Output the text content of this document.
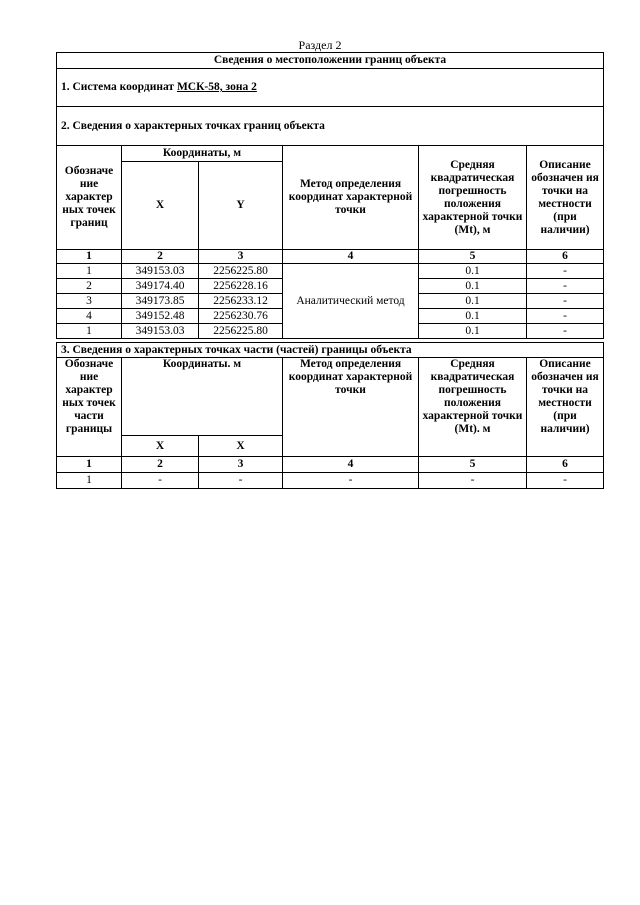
Раздел 2
Сведения о местоположении границ объекта					
1. Система координат МСК-58, зона 2					
2. Сведения о характерных точках границ объекта					
Обозначе ние характер ных точек границ	Координаты, м		Метод определения координат характерной точки	Средняя квадратическая погрешность положения характерной точки (Mt), м	Описание обозначен ия точки на местности (при наличии)
	X	Y			
1	2	3	4	5	6
1	349153.03	2256225.80	Аналитический метод	0.1	-
2	349174.40	2256228.16		0.1	-
3	349173.85	2256233.12		0.1	-
4	349152.48	2256230.76		0.1	-
1	349153.03	2256225.80		0.1	-
3. Сведения о характерных точках части (частей) границы объекта					
Обозначе ние характер ных точек части границы	Координаты. м		Метод определения координат характерной точки	Средняя квадратическая погрешность положения характерной точки (Mt). м	Описание обозначен ия точки на местности (при наличии)
	X	X			
1	2	3	4	5	6
1	-	-	-	-	-
